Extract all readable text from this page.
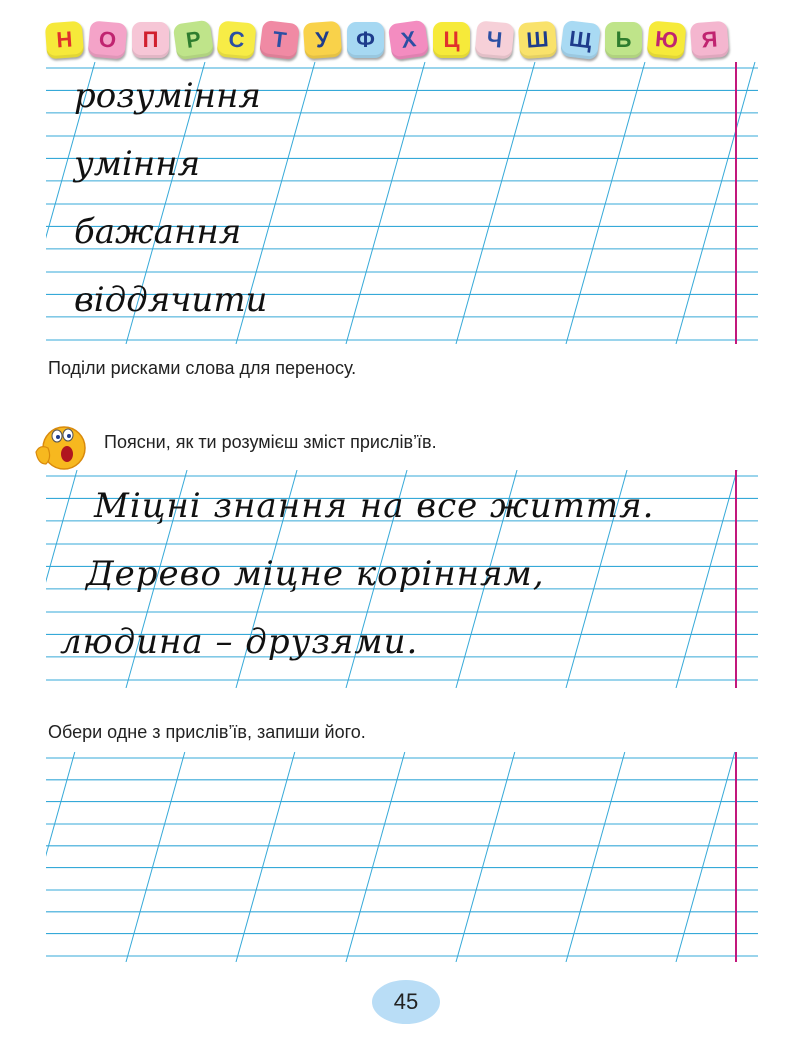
Н О П Р С Т У Ф Х Ц Ч Ш Щ Ь Ю Я
розуміння
уміння
бажання
віддячити
Поділи рисками слова для переносу.
Поясни, як ти розумієш зміст прислів’їв.
Міцні знання на все життя.
Дерево міцне корінням,
людина – друзями.
Обери одне з прислів’їв, запиши його.
45
